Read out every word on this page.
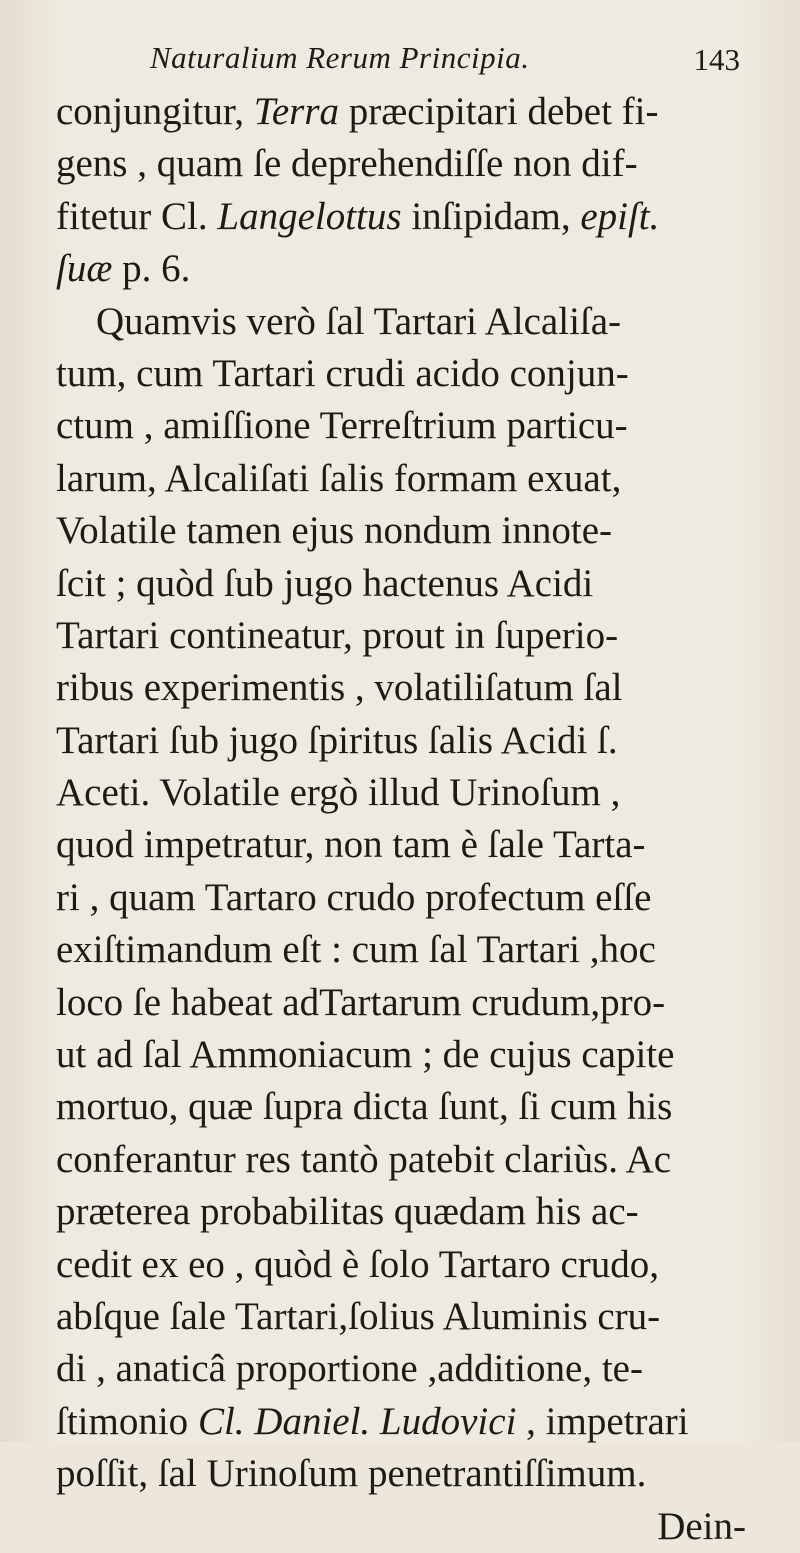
Naturalium Rerum Principia.	143
conjungitur, Terra præcipitari debet fi-
gens , quam ſe deprehendiſſe non dif-
fitetur Cl. Langelottus inſipidam, epiſt.
ſuæ p. 6.
Quamvis verò ſal Tartari Alcaliſa-
tum, cum Tartari crudi acido conjun-
ctum , amiſſione Terreſtrium particu-
larum, Alcaliſati ſalis formam exuat,
Volatile tamen ejus nondum innote-
ſcit ; quòd ſub jugo hactenus Acidi
Tartari contineatur, prout in ſuperio-
ribus experimentis , volatiliſatum ſal
Tartari ſub jugo ſpiritus ſalis Acidi ſ.
Aceti. Volatile ergò illud Urinoſum ,
quod impetratur, non tam è ſale Tarta-
ri , quam Tartaro crudo profectum eſſe
exiſtimandum eſt : cum ſal Tartari ,hoc
loco ſe habeat adTartarum crudum,pro-
ut ad ſal Ammoniacum ; de cujus capite
mortuo, quæ ſupra dicta ſunt, ſi cum his
conferantur res tantò patebit clariùs. Ac
præterea probabilitas quædam his ac-
cedit ex eo , quòd è ſolo Tartaro crudo,
abſque ſale Tartari,ſolius Aluminis cru-
di , anaticâ proportione ,additione, te-
ſtimonio Cl. Daniel. Ludovici , impetrari
poſſit, ſal Urinoſum penetrantiſſimum.
Dein-
